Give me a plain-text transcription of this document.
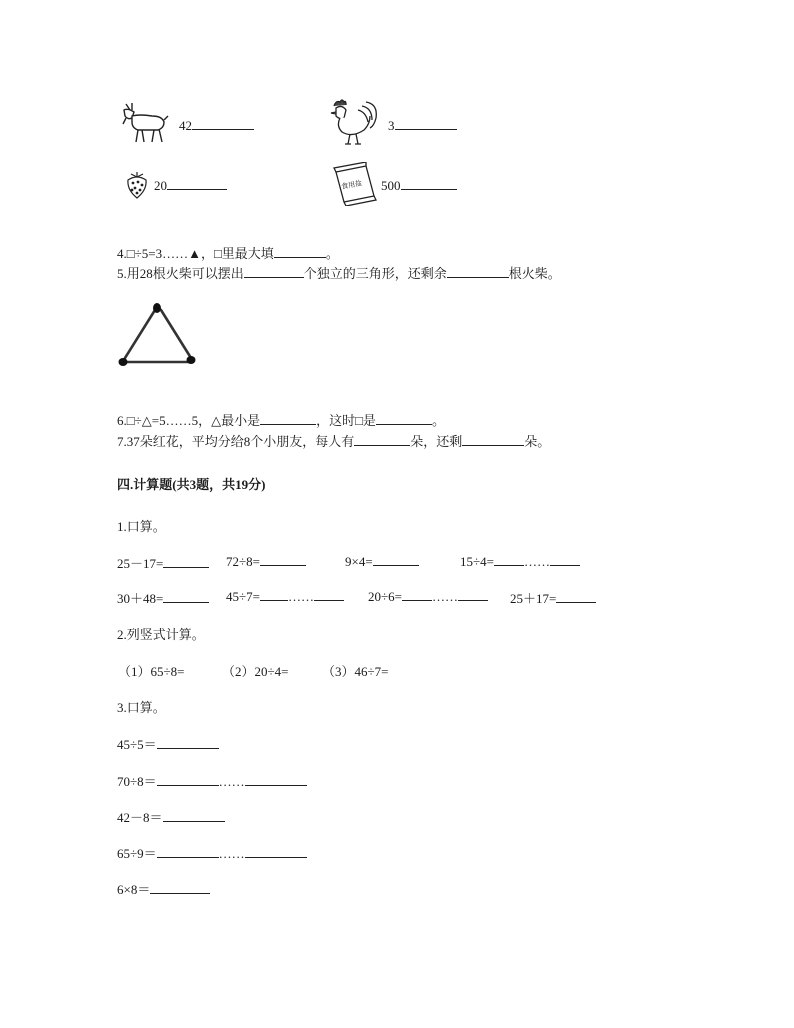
42	3
20	食用盐 500
4.□÷5=3……▲，□里最大填	。
5.用28根火柴可以摆出	个独立的三角形，还剩余	根火柴。
6.□÷△=5……5，△最小是	，这时□是	。
7.37朵红花，平均分给8个小朋友，每人有	朵，还剩	朵。
四.计算题(共3题，共19分)
1.口算。
25－17=	72÷8=	9×4=	15÷4= ……
30＋48=	45÷7= ……	20÷6= ……	25＋17=
2.列竖式计算。
（1）65÷8=	（2）20÷4=	（3）46÷7=
3.口算。
45÷5＝
70÷8＝	……
42－8＝
65÷9＝	……
6×8＝
